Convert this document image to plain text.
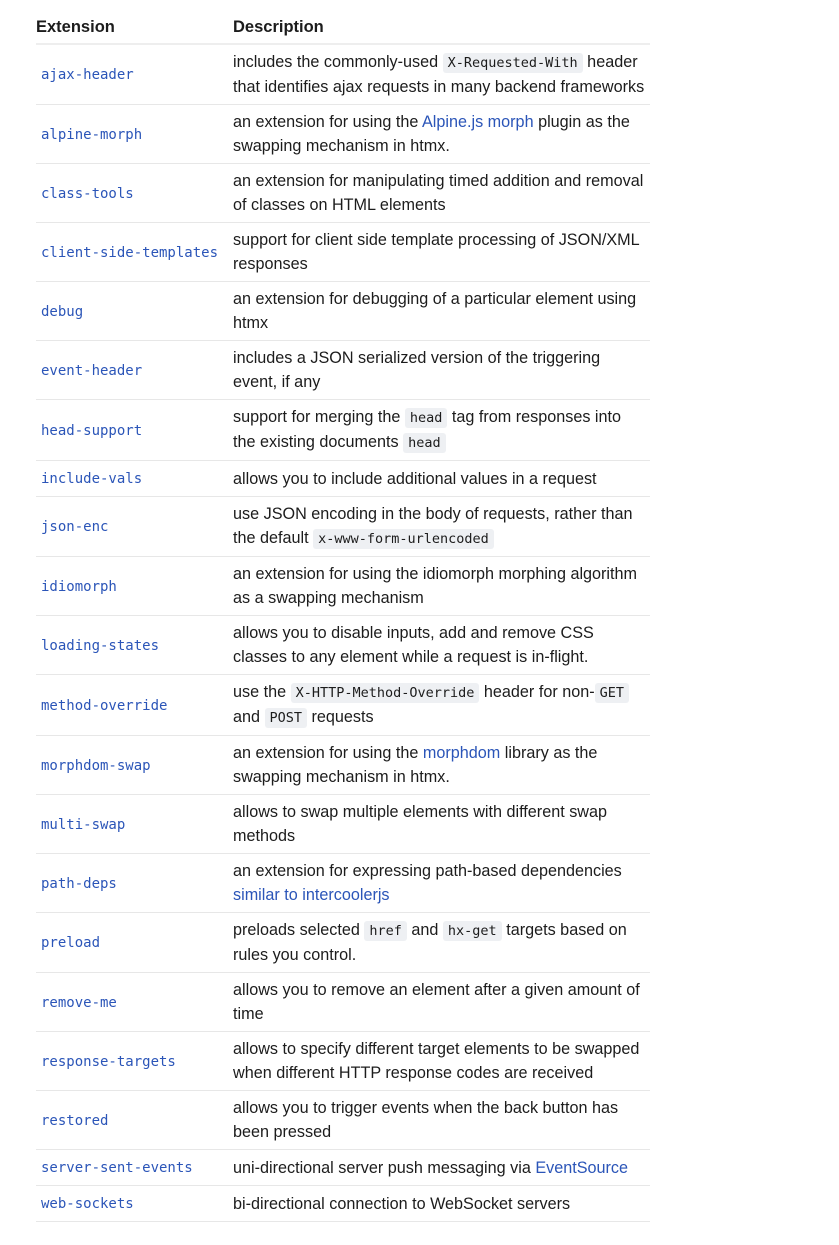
Extension	Description
ajax-header	includes the commonly-used X-Requested-With header that identifies ajax requests in many backend frameworks
alpine-morph	an extension for using the Alpine.js morph plugin as the swapping mechanism in htmx.
class-tools	an extension for manipulating timed addition and removal of classes on HTML elements
client-side-templates	support for client side template processing of JSON/XML responses
debug	an extension for debugging of a particular element using htmx
event-header	includes a JSON serialized version of the triggering event, if any
head-support	support for merging the head tag from responses into the existing documents head
include-vals	allows you to include additional values in a request
json-enc	use JSON encoding in the body of requests, rather than the default x-www-form-urlencoded
idiomorph	an extension for using the idiomorph morphing algorithm as a swapping mechanism
loading-states	allows you to disable inputs, add and remove CSS classes to any element while a request is in-flight.
method-override	use the X-HTTP-Method-Override header for non- GET and POST requests
morphdom-swap	an extension for using the morphdom library as the swapping mechanism in htmx.
multi-swap	allows to swap multiple elements with different swap methods
path-deps	an extension for expressing path-based dependencies similar to intercoolerjs
preload	preloads selected href and hx-get targets based on rules you control.
remove-me	allows you to remove an element after a given amount of time
response-targets	allows to specify different target elements to be swapped when different HTTP response codes are received
restored	allows you to trigger events when the back button has been pressed
server-sent-events	uni-directional server push messaging via EventSource
web-sockets	bi-directional connection to WebSocket servers
